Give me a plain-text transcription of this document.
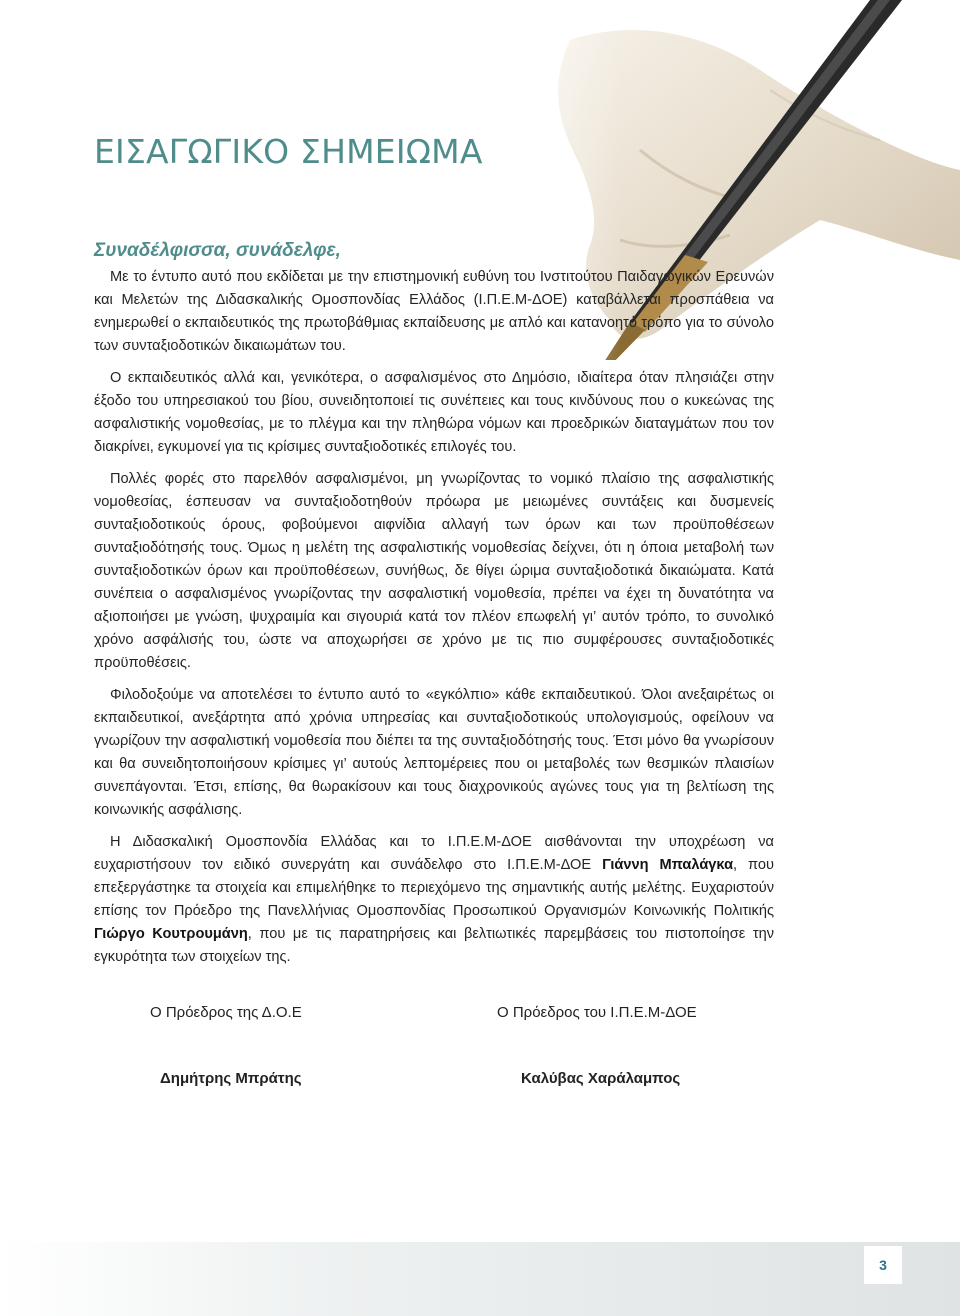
ΕΙΣΑΓΩΓΙΚΟ ΣΗΜΕΙΩΜΑ
Συναδέλφισσα, συνάδελφε,

Με το έντυπο αυτό που εκδίδεται με την επιστημονική ευθύνη του Ινστιτούτου Παιδαγωγικών Ερευνών και Μελετών της Διδασκαλικής Ομοσπονδίας Ελλάδος (Ι.Π.Ε.Μ-ΔΟΕ) καταβάλλεται προσπάθεια να ενημερωθεί ο εκπαιδευτικός της πρωτοβάθμιας εκπαίδευσης με απλό και κατανοητό τρόπο για το σύνολο των συνταξιοδοτικών δικαιωμάτων του.

Ο εκπαιδευτικός αλλά και, γενικότερα, ο ασφαλισμένος στο Δημόσιο, ιδιαίτερα όταν πλησιάζει στην έξοδο του υπηρεσιακού του βίου, συνειδητοποιεί τις συνέπειες και τους κινδύνους που ο κυκεώνας της ασφαλιστικής νομοθεσίας, με το πλέγμα και την πληθώρα νόμων και προεδρικών διαταγμάτων που τον διακρίνει, εγκυμονεί για τις κρίσιμες συνταξιοδοτικές επιλογές του.

Πολλές φορές στο παρελθόν ασφαλισμένοι, μη γνωρίζοντας το νομικό πλαίσιο της ασφαλιστικής νομοθεσίας, έσπευσαν να συνταξιοδοτηθούν πρόωρα με μειωμένες συντάξεις και δυσμενείς συνταξιοδοτικούς όρους, φοβούμενοι αιφνίδια αλλαγή των όρων και των προϋποθέσεων συνταξιοδότησής τους. Όμως η μελέτη της ασφαλιστικής νομοθεσίας δείχνει, ότι η όποια μεταβολή των συνταξιοδοτικών όρων και προϋποθέσεων, συνήθως, δε θίγει ώριμα συνταξιοδοτικά δικαιώματα. Κατά συνέπεια ο ασφαλισμένος γνωρίζοντας την ασφαλιστική νομοθεσία, πρέπει να έχει τη δυνατότητα να αξιοποιήσει με γνώση, ψυχραιμία και σιγουριά κατά τον πλέον επωφελή γι’ αυτόν τρόπο, το συνολικό χρόνο ασφάλισής του, ώστε να αποχωρήσει σε χρόνο με τις πιο συμφέρουσες συνταξιοδοτικές προϋποθέσεις.

Φιλοδοξούμε να αποτελέσει το έντυπο αυτό το «εγκόλπιο» κάθε εκπαιδευτικού. Όλοι ανεξαιρέτως οι εκπαιδευτικοί, ανεξάρτητα από χρόνια υπηρεσίας και συνταξιοδοτικούς υπολογισμούς, οφείλουν να γνωρίζουν την ασφαλιστική νομοθεσία που διέπει τα της συνταξιοδότησής τους. Έτσι μόνο θα γνωρίσουν και θα συνειδητοποιήσουν κρίσιμες γι’ αυτούς λεπτομέρειες που οι μεταβολές των θεσμικών πλαισίων συνεπάγονται. Έτσι, επίσης, θα θωρακίσουν και τους διαχρονικούς αγώνες τους για τη βελτίωση της κοινωνικής ασφάλισης.

Η Διδασκαλική Ομοσπονδία Ελλάδας και το Ι.Π.Ε.Μ-ΔΟΕ αισθάνονται την υποχρέωση να ευχαριστήσουν τον ειδικό συνεργάτη και συνάδελφο στο Ι.Π.Ε.Μ-ΔΟΕ Γιάννη Μπαλάγκα, που επεξεργάστηκε τα στοιχεία και επιμελήθηκε το περιεχόμενο της σημαντικής αυτής μελέτης. Ευχαριστούν επίσης τον Πρόεδρο της Πανελλήνιας Ομοσπονδίας Προσωπικού Οργανισμών Κοινωνικής Πολιτικής Γιώργο Κουτρουμάνη, που με τις παρατηρήσεις και βελτιωτικές παρεμβάσεις του πιστοποίησε την εγκυρότητα των στοιχείων της.

Ο Πρόεδρος της Δ.Ο.Ε	Ο Πρόεδρος του Ι.Π.Ε.Μ-ΔΟΕ
Δημήτρης Μπράτης	Καλύβας Χαράλαμπος
3
